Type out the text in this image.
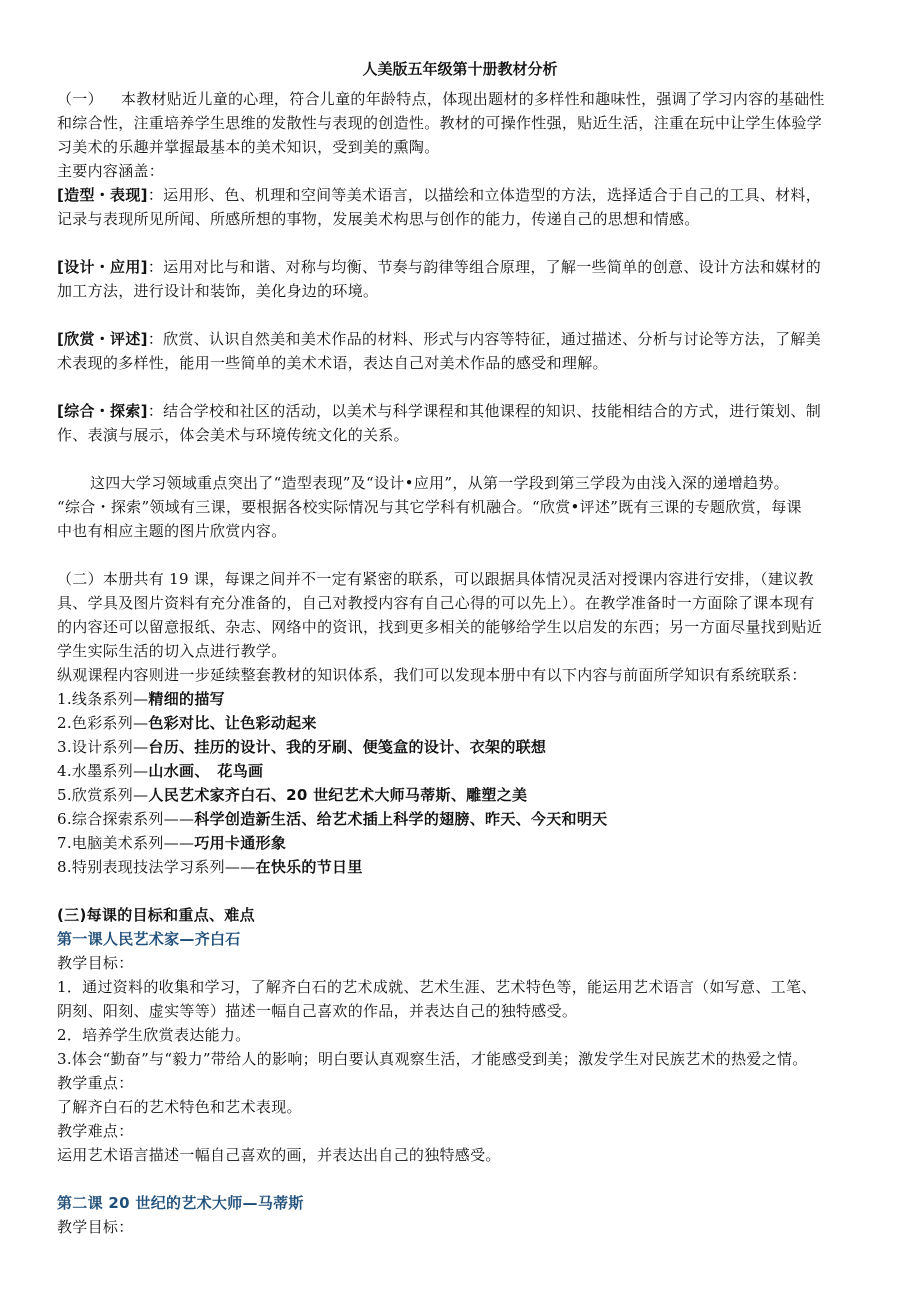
人美版五年级第十册教材分析
（一） 本教材贴近儿童的心理，符合儿童的年龄特点，体现出题材的多样性和趣味性，强调了学习内容的基础性
和综合性，注重培养学生思维的发散性与表现的创造性。教材的可操作性强，贴近生活，注重在玩中让学生体验学
习美术的乐趣并掌握最基本的美术知识，受到美的熏陶。
主要内容涵盖：
[造型・表现]：运用形、色、机理和空间等美术语言，以描绘和立体造型的方法，选择适合于自己的工具、材料，
记录与表现所见所闻、所感所想的事物，发展美术构思与创作的能力，传递自己的思想和情感。
[设计・应用]：运用对比与和谐、对称与均衡、节奏与韵律等组合原理，了解一些简单的创意、设计方法和媒材的
加工方法，进行设计和装饰，美化身边的环境。
[欣赏・评述]：欣赏、认识自然美和美术作品的材料、形式与内容等特征，通过描述、分析与讨论等方法，了解美
术表现的多样性，能用一些简单的美术术语，表达自己对美术作品的感受和理解。
[综合・探索]：结合学校和社区的活动，以美术与科学课程和其他课程的知识、技能相结合的方式，进行策划、制
作、表演与展示，体会美术与环境传统文化的关系。
这四大学习领域重点突出了“造型表现”及“设计•应用”，从第一学段到第三学段为由浅入深的递增趋势。
“综合・探索”领域有三课，要根据各校实际情况与其它学科有机融合。“欣赏•评述”既有三课的专题欣赏，每课
中也有相应主题的图片欣赏内容。
（二）本册共有 19 课，每课之间并不一定有紧密的联系，可以跟据具体情况灵活对授课内容进行安排，（建议教
具、学具及图片资料有充分准备的，自己对教授内容有自己心得的可以先上）。在教学准备时一方面除了课本现有
的内容还可以留意报纸、杂志、网络中的资讯，找到更多相关的能够给学生以启发的东西；另一方面尽量找到贴近
学生实际生活的切入点进行教学。
纵观课程内容则进一步延续整套教材的知识体系，我们可以发现本册中有以下内容与前面所学知识有系统联系：
1.线条系列—精细的描写
2.色彩系列—色彩对比、让色彩动起来
3.设计系列—台历、挂历的设计、我的牙刷、便笺盒的设计、衣架的联想
4.水墨系列—山水画、　花鸟画
5.欣赏系列—人民艺术家齐白石、20 世纪艺术大师马蒂斯、雕塑之美
6.综合探索系列——科学创造新生活、给艺术插上科学的翅膀、昨天、今天和明天
7.电脑美术系列——巧用卡通形象
8.特别表现技法学习系列——在快乐的节日里
(三)每课的目标和重点、难点
第一课人民艺术家—齐白石
教学目标：
1．通过资料的收集和学习，了解齐白石的艺术成就、艺术生涯、艺术特色等，能运用艺术语言（如写意、工笔、
阴刻、阳刻、虚实等等）描述一幅自己喜欢的作品，并表达自己的独特感受。
2．培养学生欣赏表达能力。
3.体会“勤奋”与“毅力”带给人的影响；明白要认真观察生活，才能感受到美；激发学生对民族艺术的热爱之情。
教学重点：
了解齐白石的艺术特色和艺术表现。
教学难点：
运用艺术语言描述一幅自己喜欢的画，并表达出自己的独特感受。
第二课 20 世纪的艺术大师—马蒂斯
教学目标：
